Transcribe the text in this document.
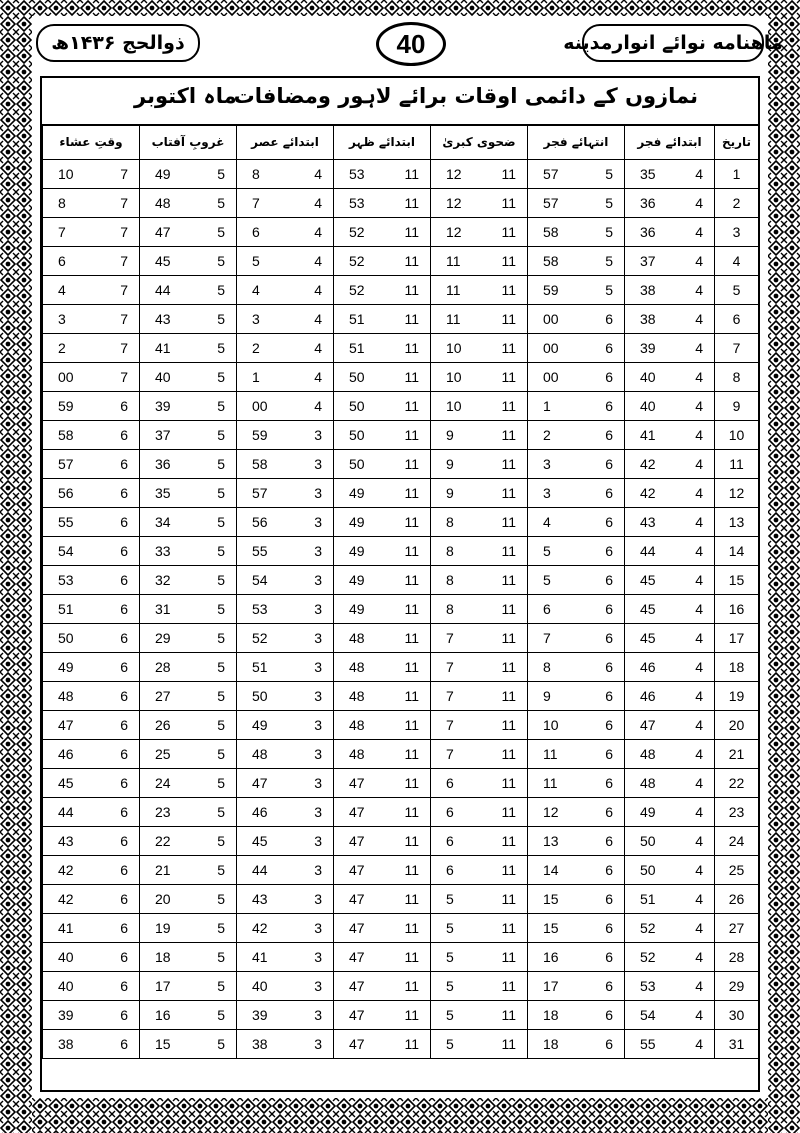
ذوالحج ۱۴۳۶ھ	40	ماهنامه نوائے انوارمدینه
ماہ اکتوبر
نمازوں کے دائمی اوقات برائے لاہور ومضافات
وقتِ عشاء	غروبِ آفتاب	ابتدائے عصر	ابتدائے ظہر	ضحوی کبریٰ	انتہائے فجر	ابتدائے فجر	تاریخ

10 7	49 5	8 4	53 11	12 11	57 5	35 4	1

8 7	48 5	7 4	53 11	12 11	57 5	36 4	2

7 7	47 5	6 4	52 11	12 11	58 5	36 4	3

6 7	45 5	5 4	52 11	11 11	58 5	37 4	4

4 7	44 5	4 4	52 11	11 11	59 5	38 4	5

3 7	43 5	3 4	51 11	11 11	00 6	38 4	6

2 7	41 5	2 4	51 11	10 11	00 6	39 4	7

00 7	40 5	1 4	50 11	10 11	00 6	40 4	8

59 6	39 5	00 4	50 11	10 11	1 6	40 4	9

58 6	37 5	59 3	50 11	9 11	2 6	41 4	10

57 6	36 5	58 3	50 11	9 11	3 6	42 4	11

56 6	35 5	57 3	49 11	9 11	3 6	42 4	12

55 6	34 5	56 3	49 11	8 11	4 6	43 4	13

54 6	33 5	55 3	49 11	8 11	5 6	44 4	14

53 6	32 5	54 3	49 11	8 11	5 6	45 4	15

51 6	31 5	53 3	49 11	8 11	6 6	45 4	16

50 6	29 5	52 3	48 11	7 11	7 6	45 4	17

49 6	28 5	51 3	48 11	7 11	8 6	46 4	18

48 6	27 5	50 3	48 11	7 11	9 6	46 4	19

47 6	26 5	49 3	48 11	7 11	10 6	47 4	20

46 6	25 5	48 3	48 11	7 11	11 6	48 4	21

45 6	24 5	47 3	47 11	6 11	11 6	48 4	22

44 6	23 5	46 3	47 11	6 11	12 6	49 4	23

43 6	22 5	45 3	47 11	6 11	13 6	50 4	24

42 6	21 5	44 3	47 11	6 11	14 6	50 4	25

42 6	20 5	43 3	47 11	5 11	15 6	51 4	26

41 6	19 5	42 3	47 11	5 11	15 6	52 4	27

40 6	18 5	41 3	47 11	5 11	16 6	52 4	28

40 6	17 5	40 3	47 11	5 11	17 6	53 4	29

39 6	16 5	39 3	47 11	5 11	18 6	54 4	30

38 6	15 5	38 3	47 11	5 11	18 6	55 4	31
